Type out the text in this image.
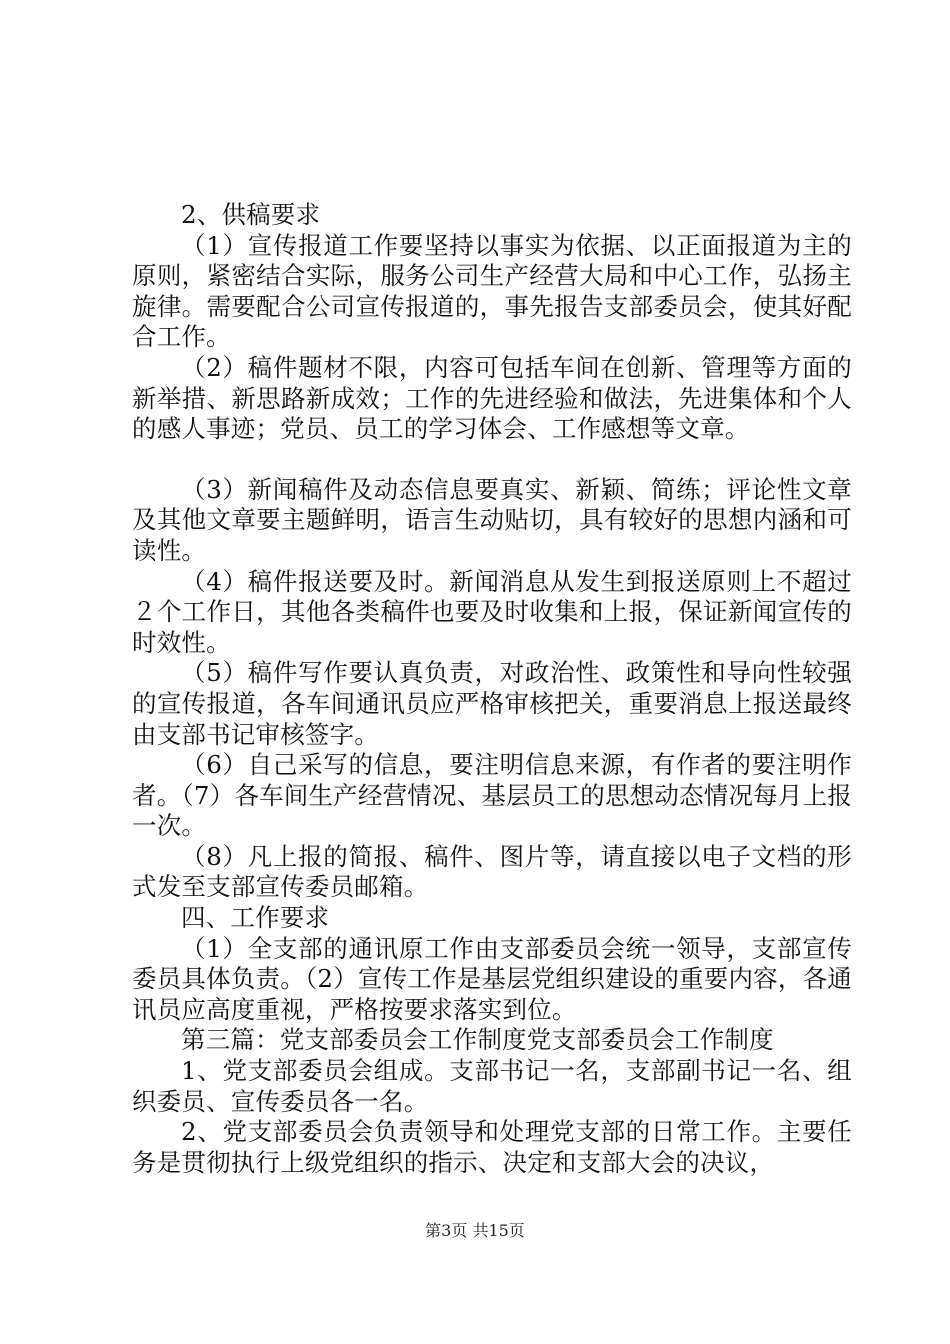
2、供稿要求

（1）宣传报道工作要坚持以事实为依据、以正面报道为主的原则，紧密结合实际，服务公司生产经营大局和中心工作，弘扬主旋律。需要配合公司宣传报道的，事先报告支部委员会，使其好配合工作。

（2）稿件题材不限，内容可包括车间在创新、管理等方面的新举措、新思路新成效；工作的先进经验和做法，先进集体和个人的感人事迹；党员、员工的学习体会、工作感想等文章。

（3）新闻稿件及动态信息要真实、新颖、简练；评论性文章及其他文章要主题鲜明，语言生动贴切，具有较好的思想内涵和可读性。

（4）稿件报送要及时。新闻消息从发生到报送原则上不超过２个工作日，其他各类稿件也要及时收集和上报，保证新闻宣传的时效性。

（5）稿件写作要认真负责，对政治性、政策性和导向性较强的宣传报道，各车间通讯员应严格审核把关，重要消息上报送最终由支部书记审核签字。

（6）自己采写的信息，要注明信息来源，有作者的要注明作者。（7）各车间生产经营情况、基层员工的思想动态情况每月上报一次。

（8）凡上报的简报、稿件、图片等，请直接以电子文档的形式发至支部宣传委员邮箱。

四、工作要求

（1）全支部的通讯原工作由支部委员会统一领导，支部宣传委员具体负责。（2）宣传工作是基层党组织建设的重要内容，各通讯员应高度重视，严格按要求落实到位。

第三篇：党支部委员会工作制度党支部委员会工作制度

1、党支部委员会组成。支部书记一名，支部副书记一名、组织委员、宣传委员各一名。

2、党支部委员会负责领导和处理党支部的日常工作。主要任务是贯彻执行上级党组织的指示、决定和支部大会的决议，

第3页 共15页
